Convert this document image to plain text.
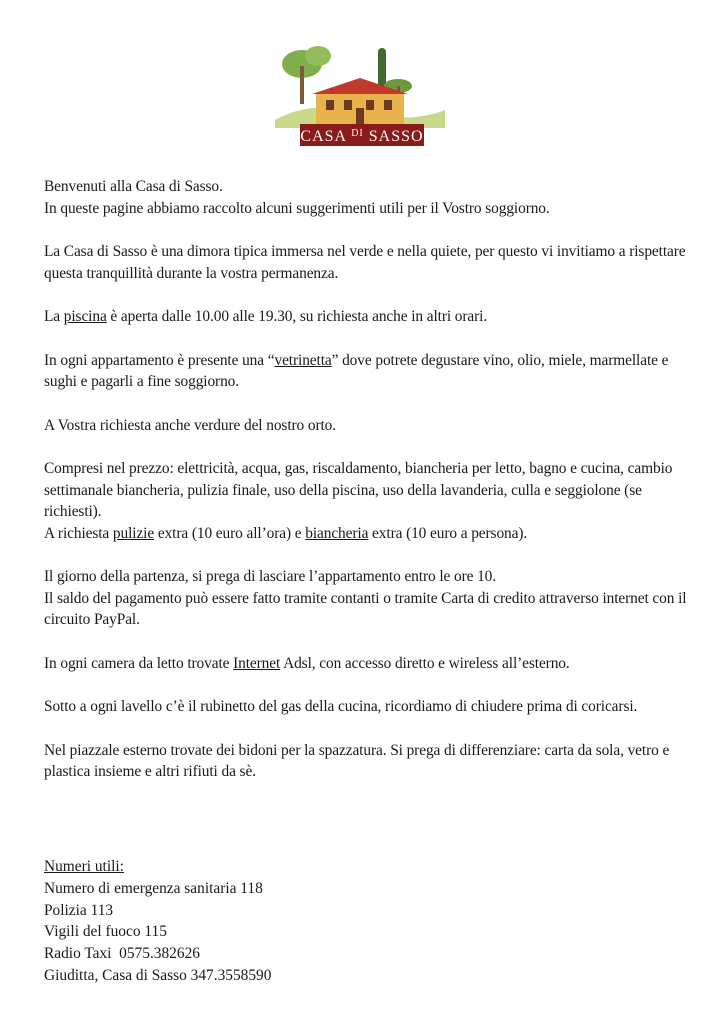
CASA $^{DI}$ SASSO

Benvenuti alla Casa di Sasso.
In queste pagine abbiamo raccolto alcuni suggerimenti utili per il Vostro soggiorno.

La Casa di Sasso è una dimora tipica immersa nel verde e nella quiete, per questo vi invitiamo a rispettare questa tranquillità durante la vostra permanenza.

La piscina è aperta dalle 10.00 alle 19.30, su richiesta anche in altri orari.

In ogni appartamento è presente una “vetrinetta” dove potrete degustare vino, olio, miele, marmellate e sughi e pagarli a fine soggiorno.

A Vostra richiesta anche verdure del nostro orto.

Compresi nel prezzo: elettricità, acqua, gas, riscaldamento, biancheria per letto, bagno e cucina, cambio settimanale biancheria, pulizia finale, uso della piscina, uso della lavanderia, culla e seggiolone (se richiesti).
A richiesta pulizie extra (10 euro all’ora) e biancheria extra (10 euro a persona).

Il giorno della partenza, si prega di lasciare l’appartamento entro le ore 10.
Il saldo del pagamento può essere fatto tramite contanti o tramite Carta di credito attraverso internet con il circuito PayPal.

In ogni camera da letto trovate Internet Adsl, con accesso diretto e wireless all’esterno.

Sotto a ogni lavello c’è il rubinetto del gas della cucina, ricordiamo di chiudere prima di coricarsi.

Nel piazzale esterno trovate dei bidoni per la spazzatura. Si prega di differenziare: carta da sola, vetro e plastica insieme e altri rifiuti da sè.

Numeri utili:
Numero di emergenza sanitaria 118
Polizia 113
Vigili del fuoco 115
Radio Taxi  0575.382626
Giuditta, Casa di Sasso 347.3558590
